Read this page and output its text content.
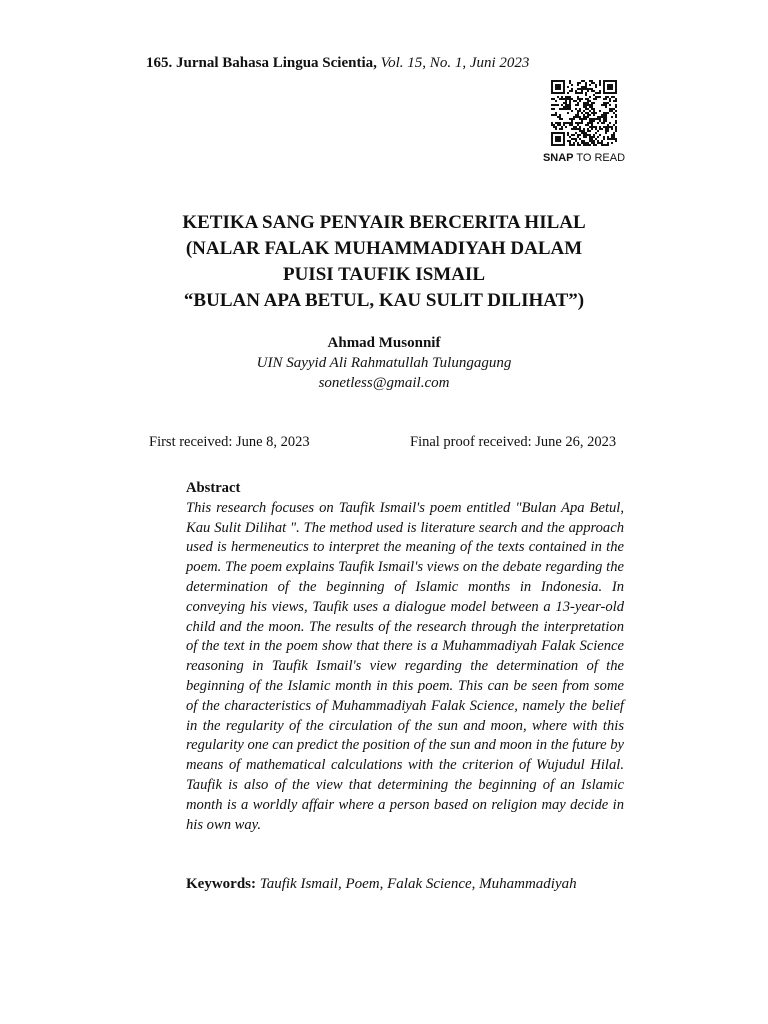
165. Jurnal Bahasa Lingua Scientia, Vol. 15, No. 1, Juni 2023
SNAP TO READ
KETIKA SANG PENYAIR BERCERITA HILAL
(NALAR FALAK MUHAMMADIYAH DALAM
PUISI TAUFIK ISMAIL
“BULAN APA BETUL, KAU SULIT DILIHAT”)
Ahmad Musonnif
UIN Sayyid Ali Rahmatullah Tulungagung
sonetless@gmail.com
First received: June 8, 2023	Final proof received: June 26, 2023
Abstract

This research focuses on Taufik Ismail's poem entitled "Bulan Apa Betul, Kau Sulit Dilihat ". The method used is literature search and the approach used is hermeneutics to interpret the meaning of the texts contained in the poem. The poem explains Taufik Ismail's views on the debate regarding the determination of the beginning of Islamic months in Indonesia. In conveying his views, Taufik uses a dialogue model between a 13-year-old child and the moon. The results of the research through the interpretation of the text in the poem show that there is a Muhammadiyah Falak Science reasoning in Taufik Ismail's view regarding the determination of the beginning of the Islamic month in this poem. This can be seen from some of the characteristics of Muhammadiyah Falak Science, namely the belief in the regularity of the circulation of the sun and moon, where with this regularity one can predict the position of the sun and moon in the future by means of mathematical calculations with the criterion of Wujudul Hilal. Taufik is also of the view that determining the beginning of an Islamic month is a worldly affair where a person based on religion may decide in his own way.

Keywords: Taufik Ismail, Poem, Falak Science, Muhammadiyah
